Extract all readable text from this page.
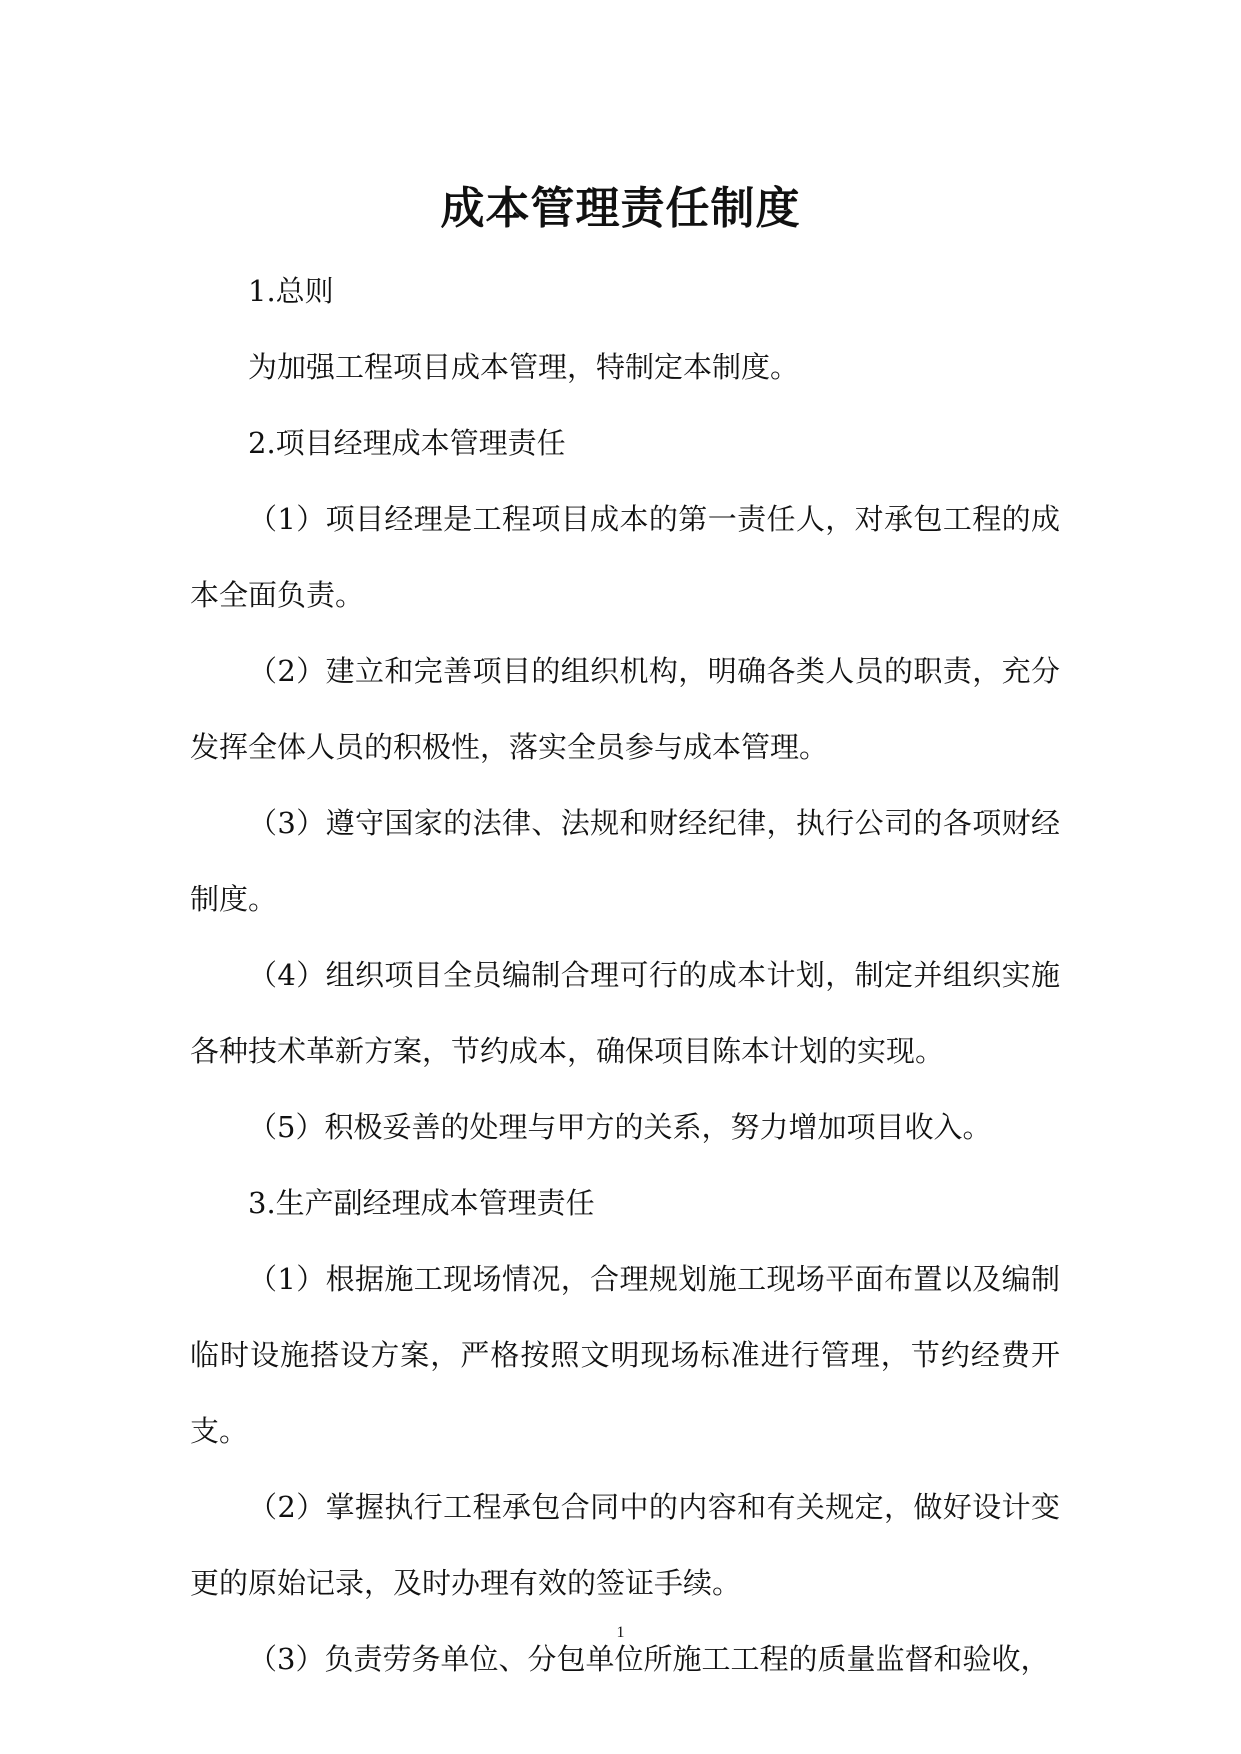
成本管理责任制度

1.总则

为加强工程项目成本管理，特制定本制度。

2.项目经理成本管理责任

（1）项目经理是工程项目成本的第一责任人，对承包工程的成本全面负责。

（2）建立和完善项目的组织机构，明确各类人员的职责，充分发挥全体人员的积极性，落实全员参与成本管理。

（3）遵守国家的法律、法规和财经纪律，执行公司的各项财经制度。

（4）组织项目全员编制合理可行的成本计划，制定并组织实施各种技术革新方案，节约成本，确保项目陈本计划的实现。

（5）积极妥善的处理与甲方的关系，努力增加项目收入。

3.生产副经理成本管理责任

（1）根据施工现场情况，合理规划施工现场平面布置以及编制临时设施搭设方案，严格按照文明现场标准进行管理，节约经费开支。

（2）掌握执行工程承包合同中的内容和有关规定，做好设计变更的原始记录，及时办理有效的签证手续。

（3）负责劳务单位、分包单位所施工工程的质量监督和验收，

1
